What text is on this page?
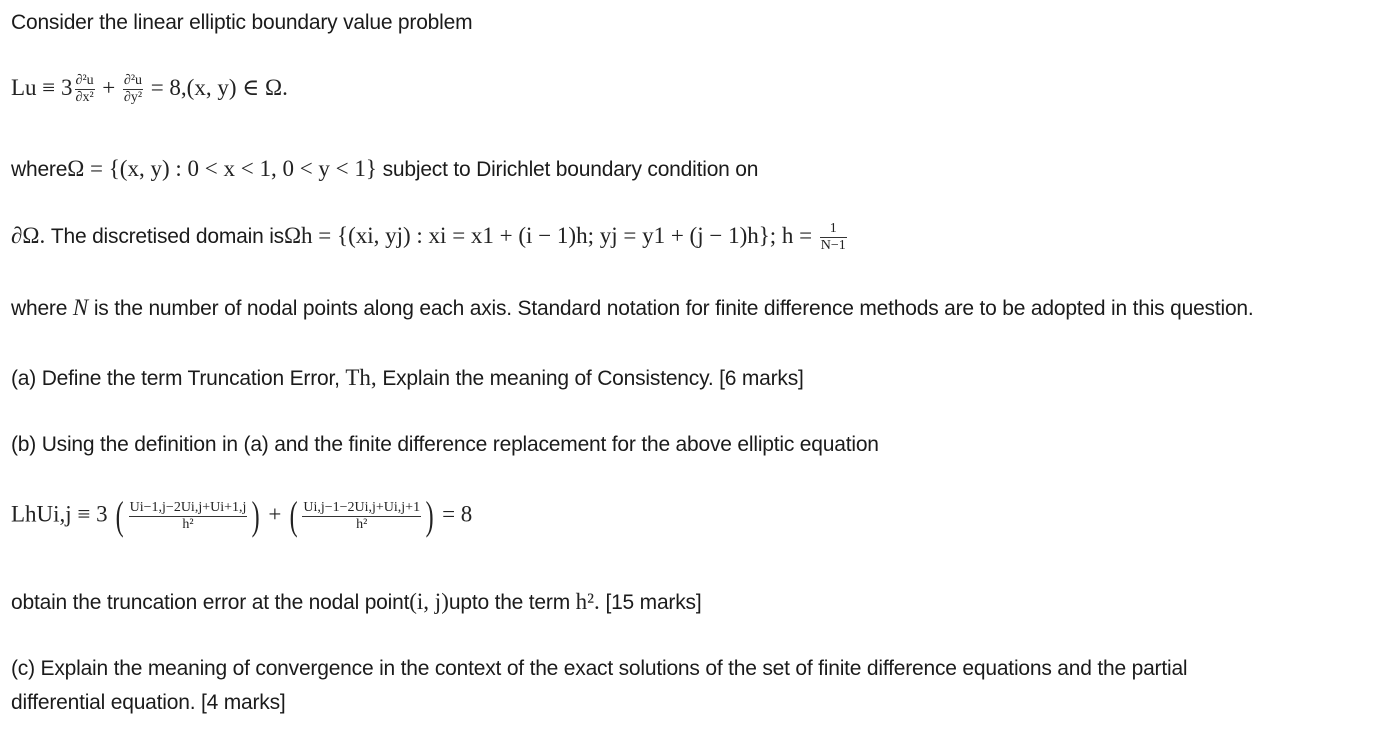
Consider the linear elliptic boundary value problem
$Lu \equiv 3 \frac{\text{∂²u}}{\text{∂x²}} + \frac{\text{∂²u}}{\text{∂y²}} = 8,(x$, y) ∈ Ω.
whereΩ = {(x, y) : 0 < x < 1, 0 < y < 1} subject to Dirichlet boundary condition on
∂Ω. The discretised domain isΩh = {(xi, yj) : xi = x1 + (i − 1)h; yj = y1 + (j − 1)h}; $h = \frac{1}{N-1}$
where N is the number of nodal points along each axis. Standard notation for finite difference methods are to be adopted in this question.
(a) Define the term Truncation Error, Th, Explain the meaning of Consistency. [6 marks]
(b) Using the definition in (a) and the finite difference replacement for the above elliptic equation
LhUi,j ≡ 3 ( $\frac{Ui-1,j-2Ui,j+Ui+1,j}{\text{h²}}$ ) + ( $\frac{Ui,j-1-2Ui,j+Ui,j+1}{\text{h²}}$ ) = 8
obtain the truncation error at the nodal point(i, j)upto the term h². [15 marks]
(c) Explain the meaning of convergence in the context of the exact solutions of the set of finite difference equations and the partial
differential equation. [4 marks]
